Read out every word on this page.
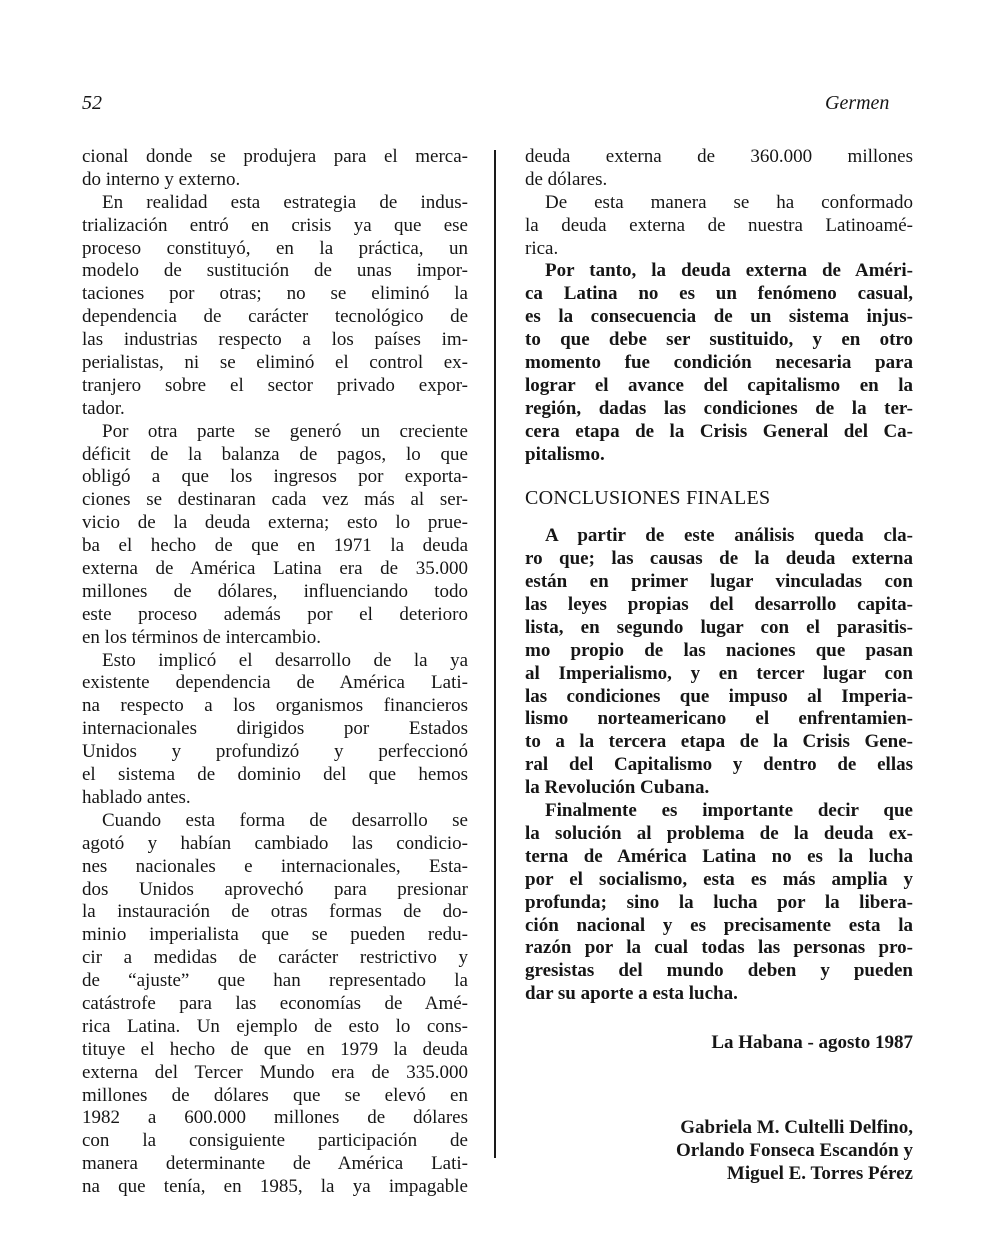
52	Germen
cional donde se produjera para el merca-
do interno y externo.
En realidad esta estrategia de indus-
trialización entró en crisis ya que ese
proceso constituyó, en la práctica, un
modelo de sustitución de unas impor-
taciones por otras; no se eliminó la
dependencia de carácter tecnológico de
las industrias respecto a los países im-
perialistas, ni se eliminó el control ex-
tranjero sobre el sector privado expor-
tador.
Por otra parte se generó un creciente
déficit de la balanza de pagos, lo que
obligó a que los ingresos por exporta-
ciones se destinaran cada vez más al ser-
vicio de la deuda externa; esto lo prue-
ba el hecho de que en 1971 la deuda
externa de América Latina era de 35.000
millones de dólares, influenciando todo
este proceso además por el deterioro
en los términos de intercambio.
Esto implicó el desarrollo de la ya
existente dependencia de América Lati-
na respecto a los organismos financieros
internacionales dirigidos por Estados
Unidos y profundizó y perfeccionó
el sistema de dominio del que hemos
hablado antes.
Cuando esta forma de desarrollo se
agotó y habían cambiado las condicio-
nes nacionales e internacionales, Esta-
dos Unidos aprovechó para presionar
la instauración de otras formas de do-
minio imperialista que se pueden redu-
cir a medidas de carácter restrictivo y
de “ajuste” que han representado la
catástrofe para las economías de Amé-
rica Latina. Un ejemplo de esto lo cons-
tituye el hecho de que en 1979 la deuda
externa del Tercer Mundo era de 335.000
millones de dólares que se elevó en
1982 a 600.000 millones de dólares
con la consiguiente participación de
manera determinante de América Lati-
na que tenía, en 1985, la ya impagable
deuda externa de 360.000 millones
de dólares.
De esta manera se ha conformado
la deuda externa de nuestra Latinoamé-
rica.
Por tanto, la deuda externa de Améri-
ca Latina no es un fenómeno casual,
es la consecuencia de un sistema injus-
to que debe ser sustituido, y en otro
momento fue condición necesaria para
lograr el avance del capitalismo en la
región, dadas las condiciones de la ter-
cera etapa de la Crisis General del Ca-
pitalismo.
CONCLUSIONES FINALES
A partir de este análisis queda cla-
ro que; las causas de la deuda externa
están en primer lugar vinculadas con
las leyes propias del desarrollo capita-
lista, en segundo lugar con el parasitis-
mo propio de las naciones que pasan
al Imperialismo, y en tercer lugar con
las condiciones que impuso al Imperia-
lismo norteamericano el enfrentamien-
to a la tercera etapa de la Crisis Gene-
ral del Capitalismo y dentro de ellas
la Revolución Cubana.
Finalmente es importante decir que
la solución al problema de la deuda ex-
terna de América Latina no es la lucha
por el socialismo, esta es más amplia y
profunda; sino la lucha por la libera-
ción nacional y es precisamente esta la
razón por la cual todas las personas pro-
gresistas del mundo deben y pueden
dar su aporte a esta lucha.
La Habana - agosto 1987
Gabriela M. Cultelli Delfino,
Orlando Fonseca Escandón y
Miguel E. Torres Pérez
